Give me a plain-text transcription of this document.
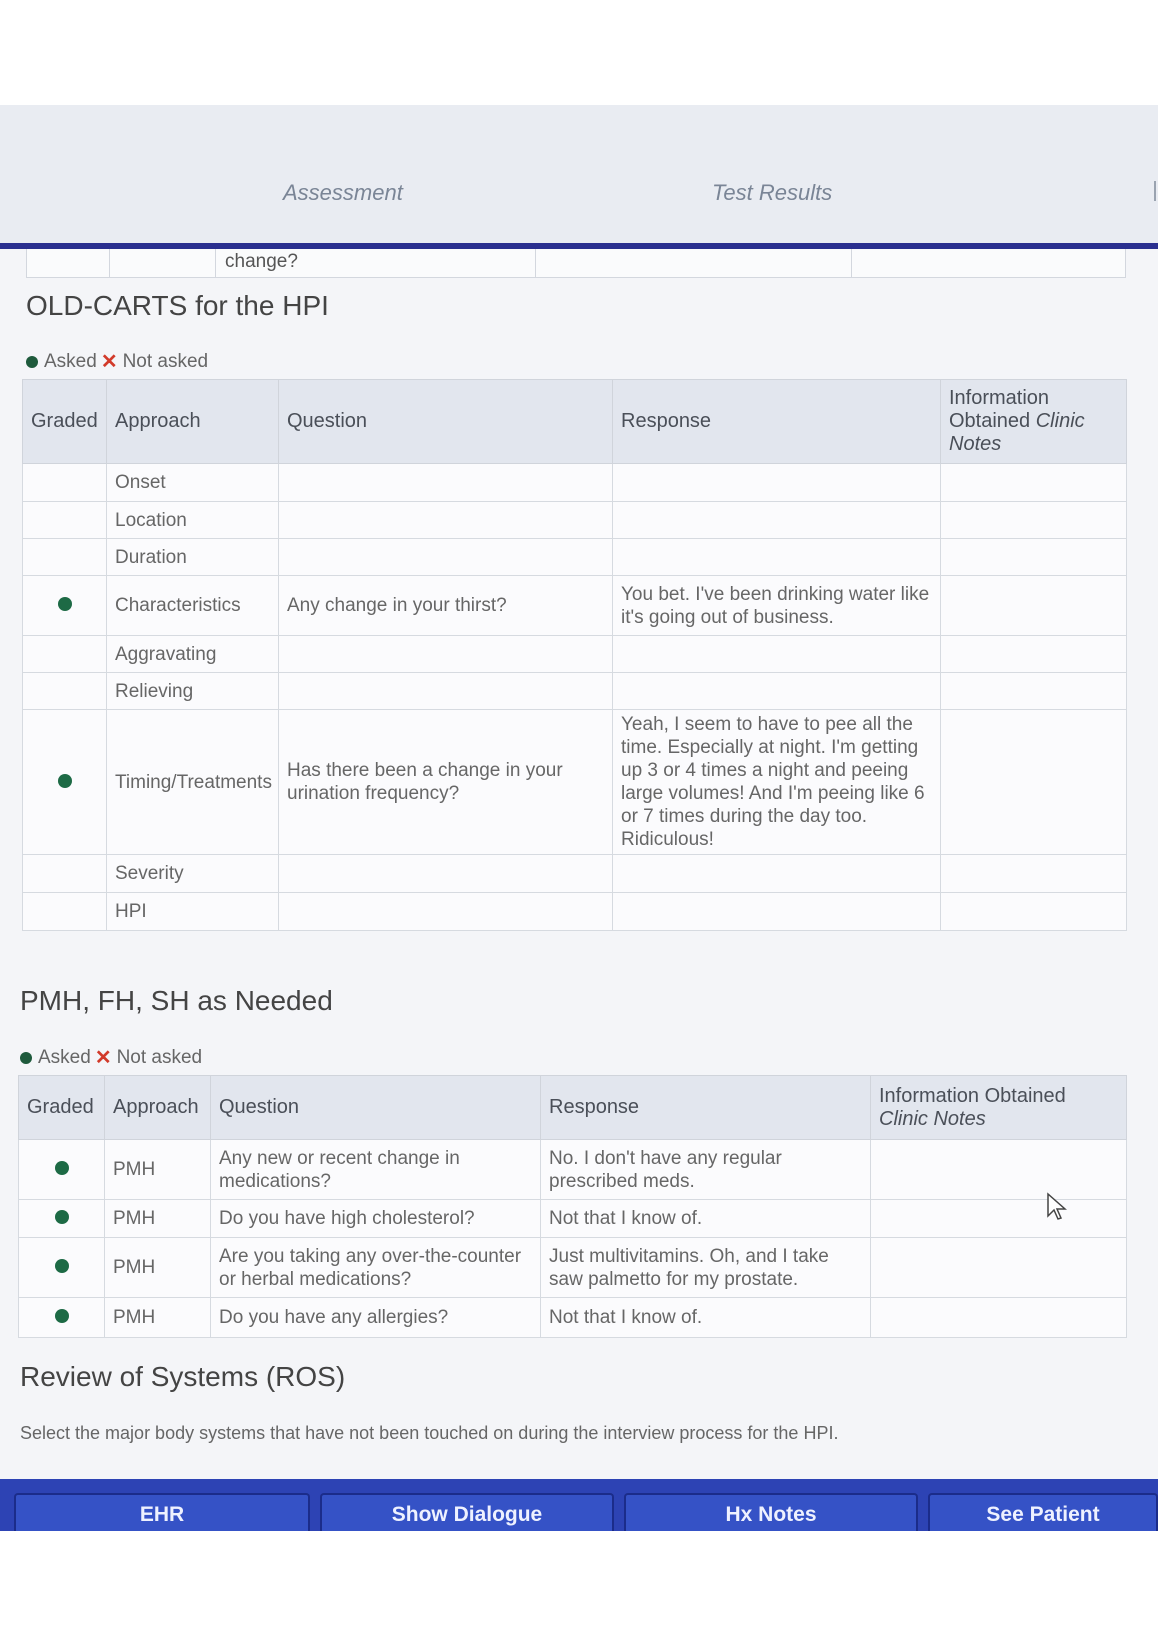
Assessment	Test Results
change?
OLD-CARTS for the HPI
Asked ✕ Not asked
Graded	Approach	Question	Response	Information Obtained Clinic Notes
	Onset			
	Location			
	Duration			
	Characteristics	Any change in your thirst?	You bet. I've been drinking water like it's going out of business.	
	Aggravating			
	Relieving			
	Timing/Treatments	Has there been a change in your urination frequency?	Yeah, I seem to have to pee all the time. Especially at night. I'm getting up 3 or 4 times a night and peeing large volumes! And I'm peeing like 6 or 7 times during the day too. Ridiculous!	
	Severity			
	HPI			
PMH, FH, SH as Needed
Asked ✕ Not asked
Graded	Approach	Question	Response	Information Obtained
Clinic Notes
	PMH	Any new or recent change in medications?	No. I don't have any regular prescribed meds.	
	PMH	Do you have high cholesterol?	Not that I know of.	
	PMH	Are you taking any over-the-counter or herbal medications?	Just multivitamins. Oh, and I take saw palmetto for my prostate.	
	PMH	Do you have any allergies?	Not that I know of.	
Review of Systems (ROS)
Select the major body systems that have not been touched on during the interview process for the HPI.
EHR	Show Dialogue	Hx Notes	See Patient
